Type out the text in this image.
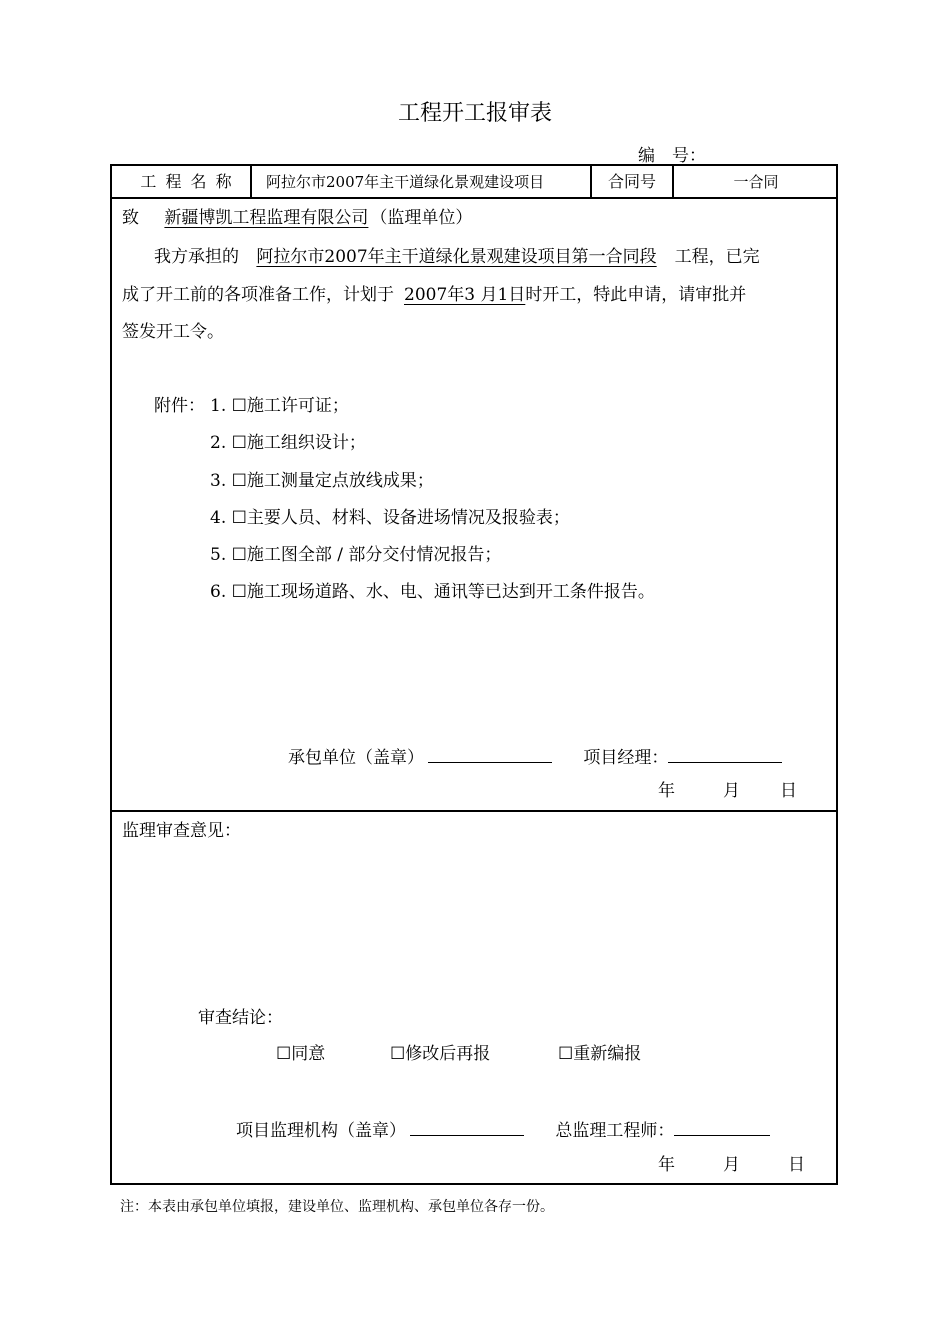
工程开工报审表
编　号：
工 程 名 称	阿拉尔市2007年主干道绿化景观建设项目	合同号	一合同
致 新疆博凯工程监理有限公司 （监理单位）
我方承担的 阿拉尔市2007年主干道绿化景观建设项目第一合同段 工程，已完
成了开工前的各项准备工作，计划于 2007年3 月1日时开工，特此申请，请审批并
签发开工令。
附件： 1. ☐施工许可证；
2. ☐施工组织设计；
3. ☐施工测量定点放线成果；
4. ☐主要人员、材料、设备进场情况及报验表；
5. ☐施工图全部 / 部分交付情况报告；
6. ☐施工现场道路、水、电、通讯等已达到开工条件报告。
承包单位（盖章）	项目经理：
年	月 日
监理审查意见：
审查结论：
☐同意	☐修改后再报	☐重新编报
项目监理机构（盖章）	总监理工程师：
年	月	日
注：本表由承包单位填报，建设单位、监理机构、承包单位各存一份。
